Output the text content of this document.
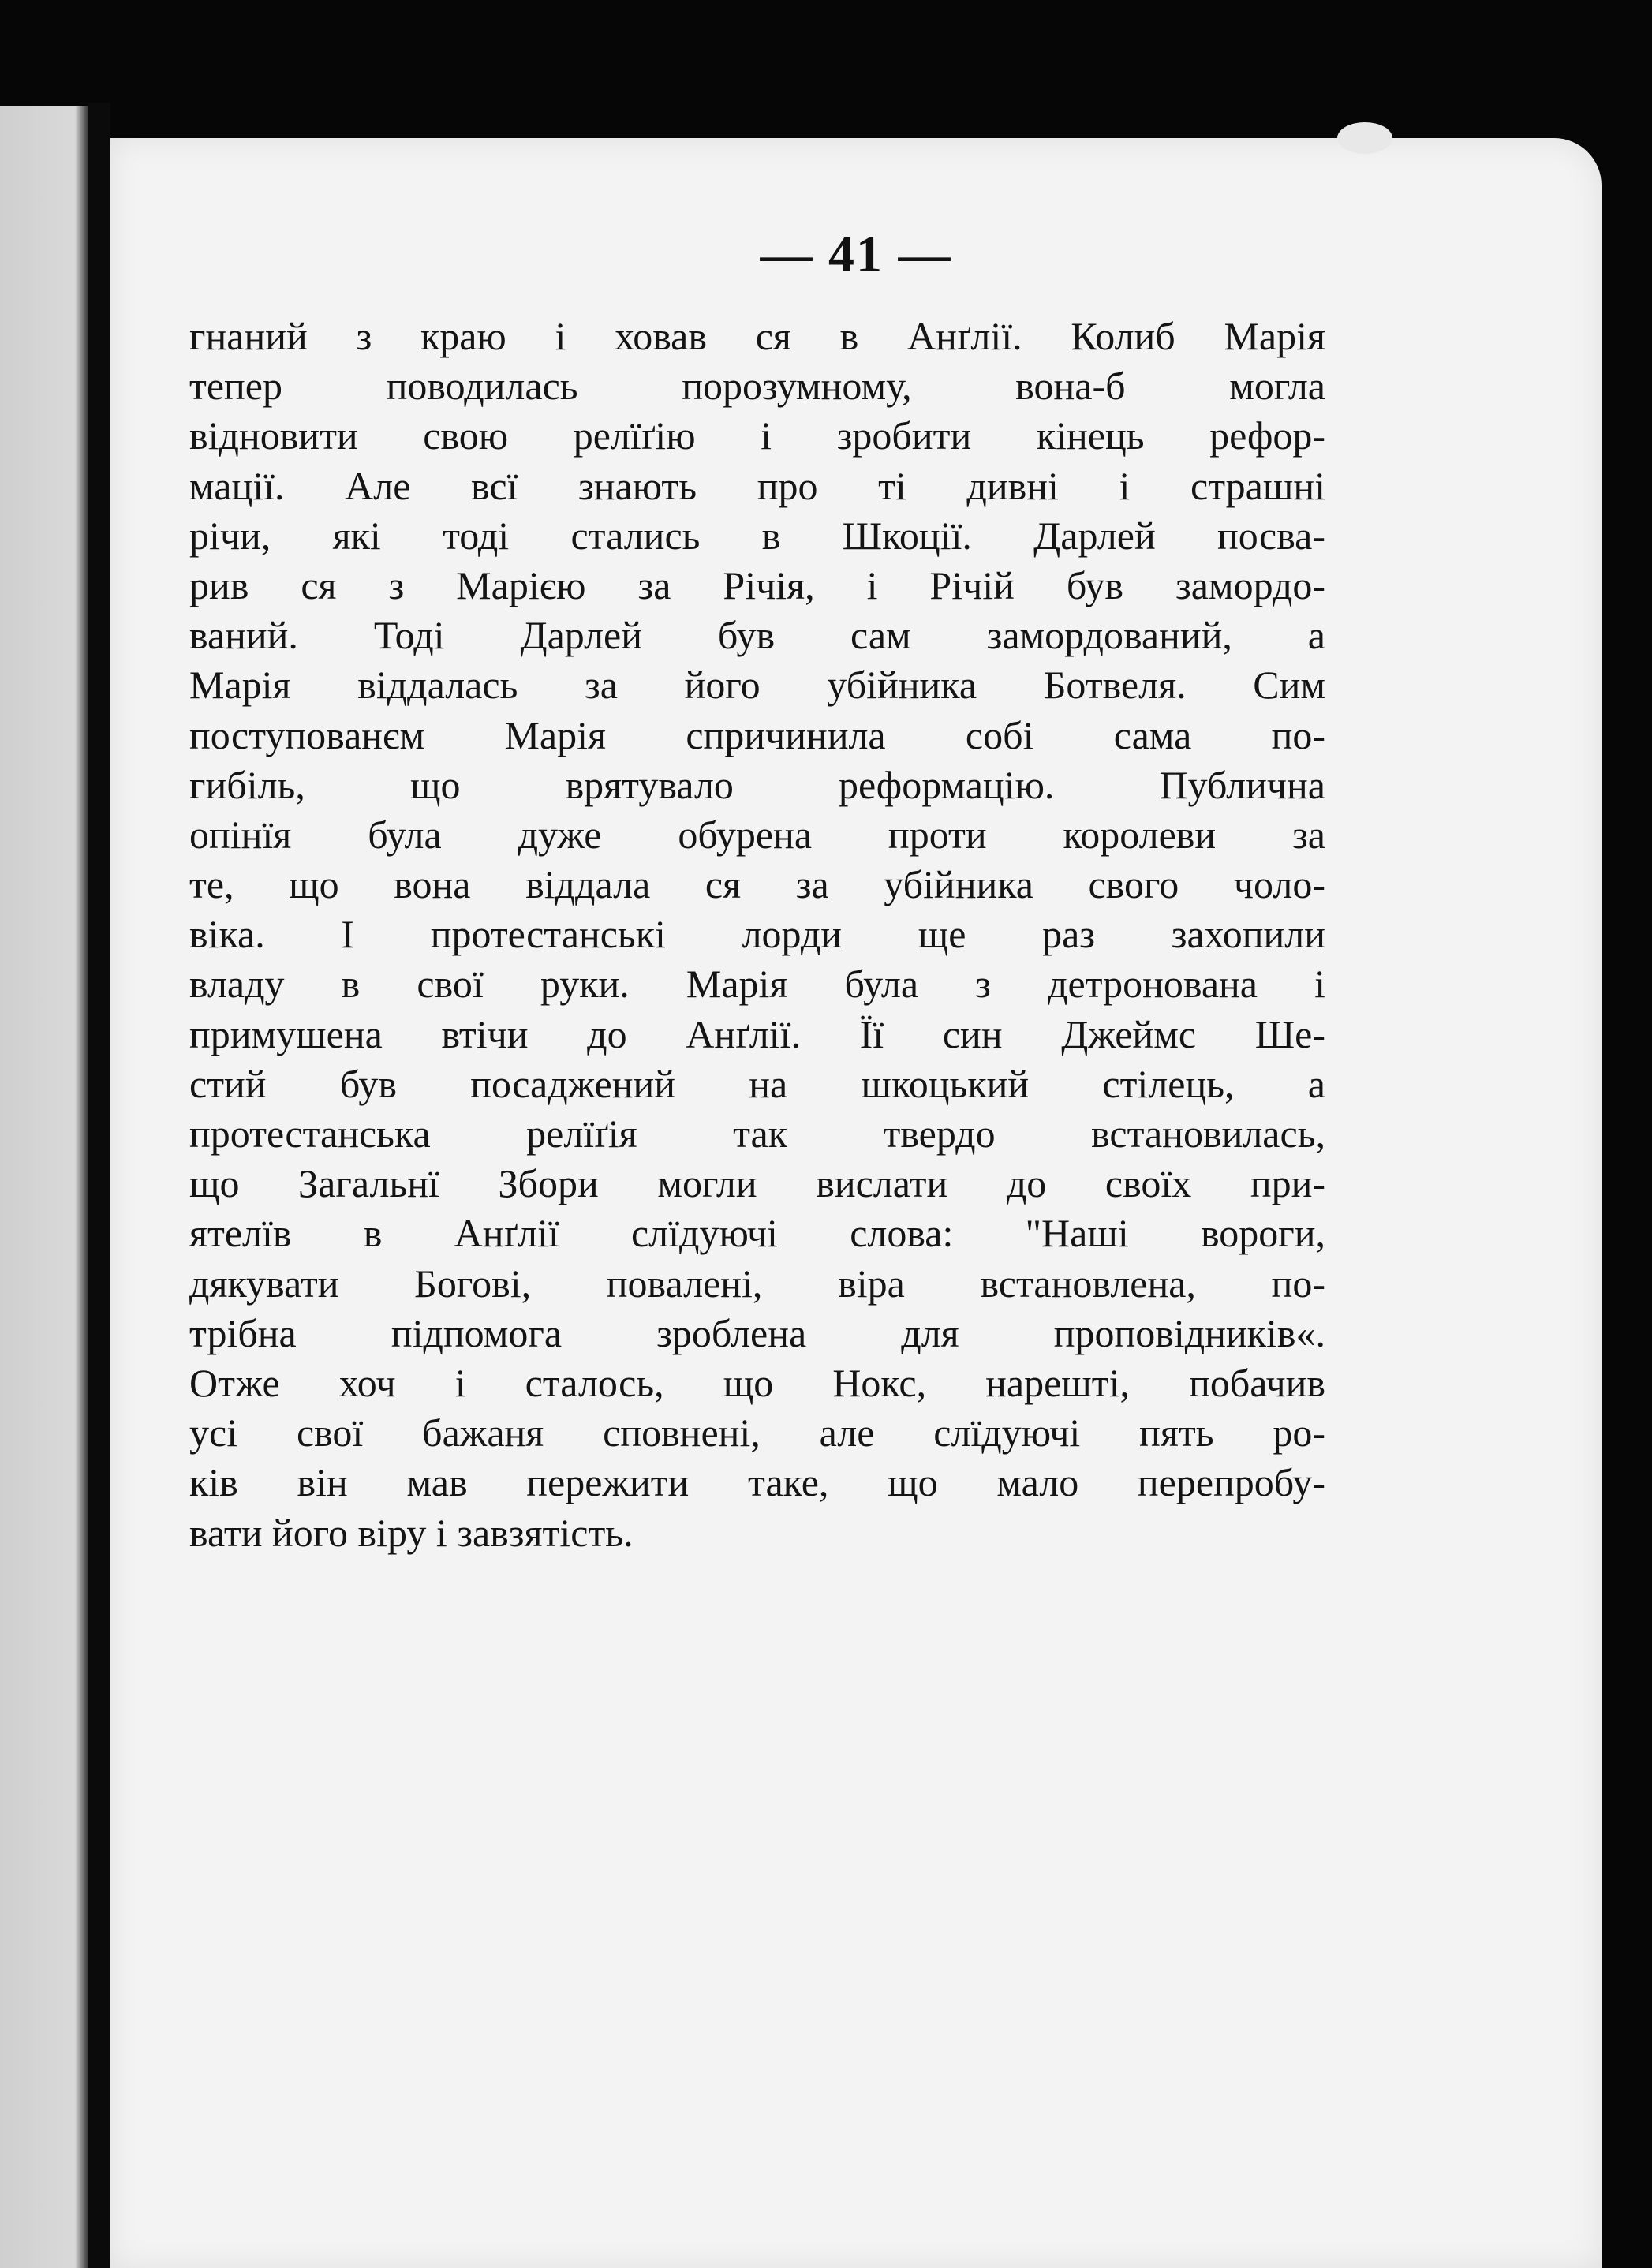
— 41 —
гнаний з краю і ховав ся в Анґлії. Колиб Марія
тепер поводилась порозумному, вона-б могла
відновити свою релїґію і зробити кінець рефор-
мації. Але всї знають про ті дивні і страшні
річи, які тоді стались в Шкоції. Дарлей посва-
рив ся з Марією за Річія, і Річій був замордо-
ваний. Тоді Дарлей був сам замордований, а
Марія віддалась за його убійника Ботвеля. Сим
поступованєм Марія спричинила собі сама по-
гибіль, що врятувало реформацію. Публична
опінїя була дуже обурена проти королеви за
те, що вона віддала ся за убійника свого чоло-
віка. І протестанські лорди ще раз захопили
владу в свої руки. Марія була з детронована і
примушена втічи до Анґлії. Її син Джеймс Ше-
стий був посаджений на шкоцький стілець, а
протестанська релїґія так твердо встановилась,
що Загальнї Збори могли вислати до своїх при-
ятелїв в Анґлії слїдуючі слова: "Наші вороги,
дякувати Богові, повалені, віра встановлена, по-
трібна підпомога зроблена для проповідників«.
Отже хоч і сталось, що Нокс, нарешті, побачив
усі свої бажаня сповнені, але слїдуючі пять ро-
ків він мав пережити таке, що мало перепробу-
вати його віру і завзятість.
